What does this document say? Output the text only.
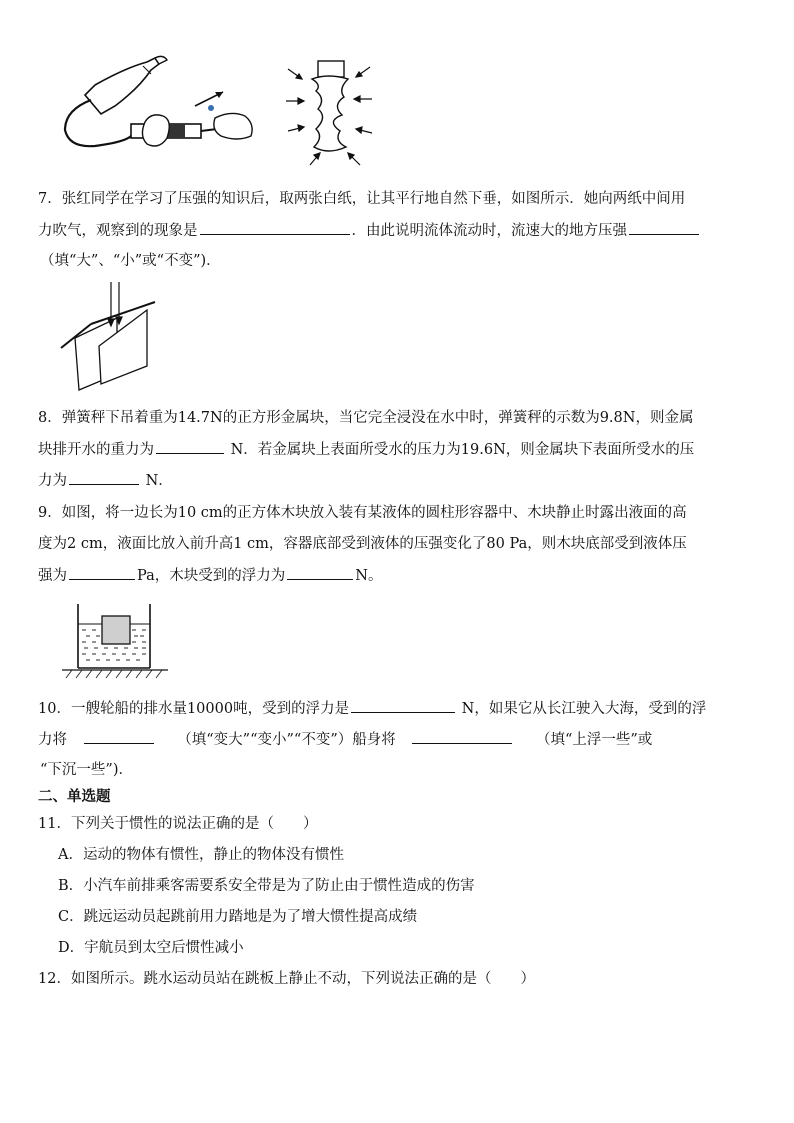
7．张红同学在学习了压强的知识后，取两张白纸，让其平行地自然下垂，如图所示．她向两纸中间用
力吹气，观察到的现象是	．由此说明流体流动时，流速大的地方压强
（填“大”、“小”或“不变”)．
8．弹簧秤下吊着重为14.7N的正方形金属块，当它完全浸没在水中时，弹簧秤的示数为9.8N，则金属
块排开水的重力为	N．若金属块上表面所受水的压力为19.6N，则金属块下表面所受水的压
力为	N．
9．如图，将一边长为10 cm的正方体木块放入装有某液体的圆柱形容器中、木块静止时露出液面的高
度为2 cm，液面比放入前升高1 cm，容器底部受到液体的压强变化了80 Pa，则木块底部受到液体压
强为	Pa，木块受到的浮力为	N。
10．一艘轮船的排水量10000吨，受到的浮力是	N，如果它从长江驶入大海，受到的浮
力将　　　	（填“变大”“变小”“不变”）船身将　　　	（填“上浮一些”或
“下沉一些”)．
二、单选题
11．下列关于惯性的说法正确的是（　　）
A．运动的物体有惯性，静止的物体没有惯性
B．小汽车前排乘客需要系安全带是为了防止由于惯性造成的伤害
C．跳远运动员起跳前用力踏地是为了增大惯性提高成绩
D．宇航员到太空后惯性减小
12．如图所示。跳水运动员站在跳板上静止不动，下列说法正确的是（　　）
